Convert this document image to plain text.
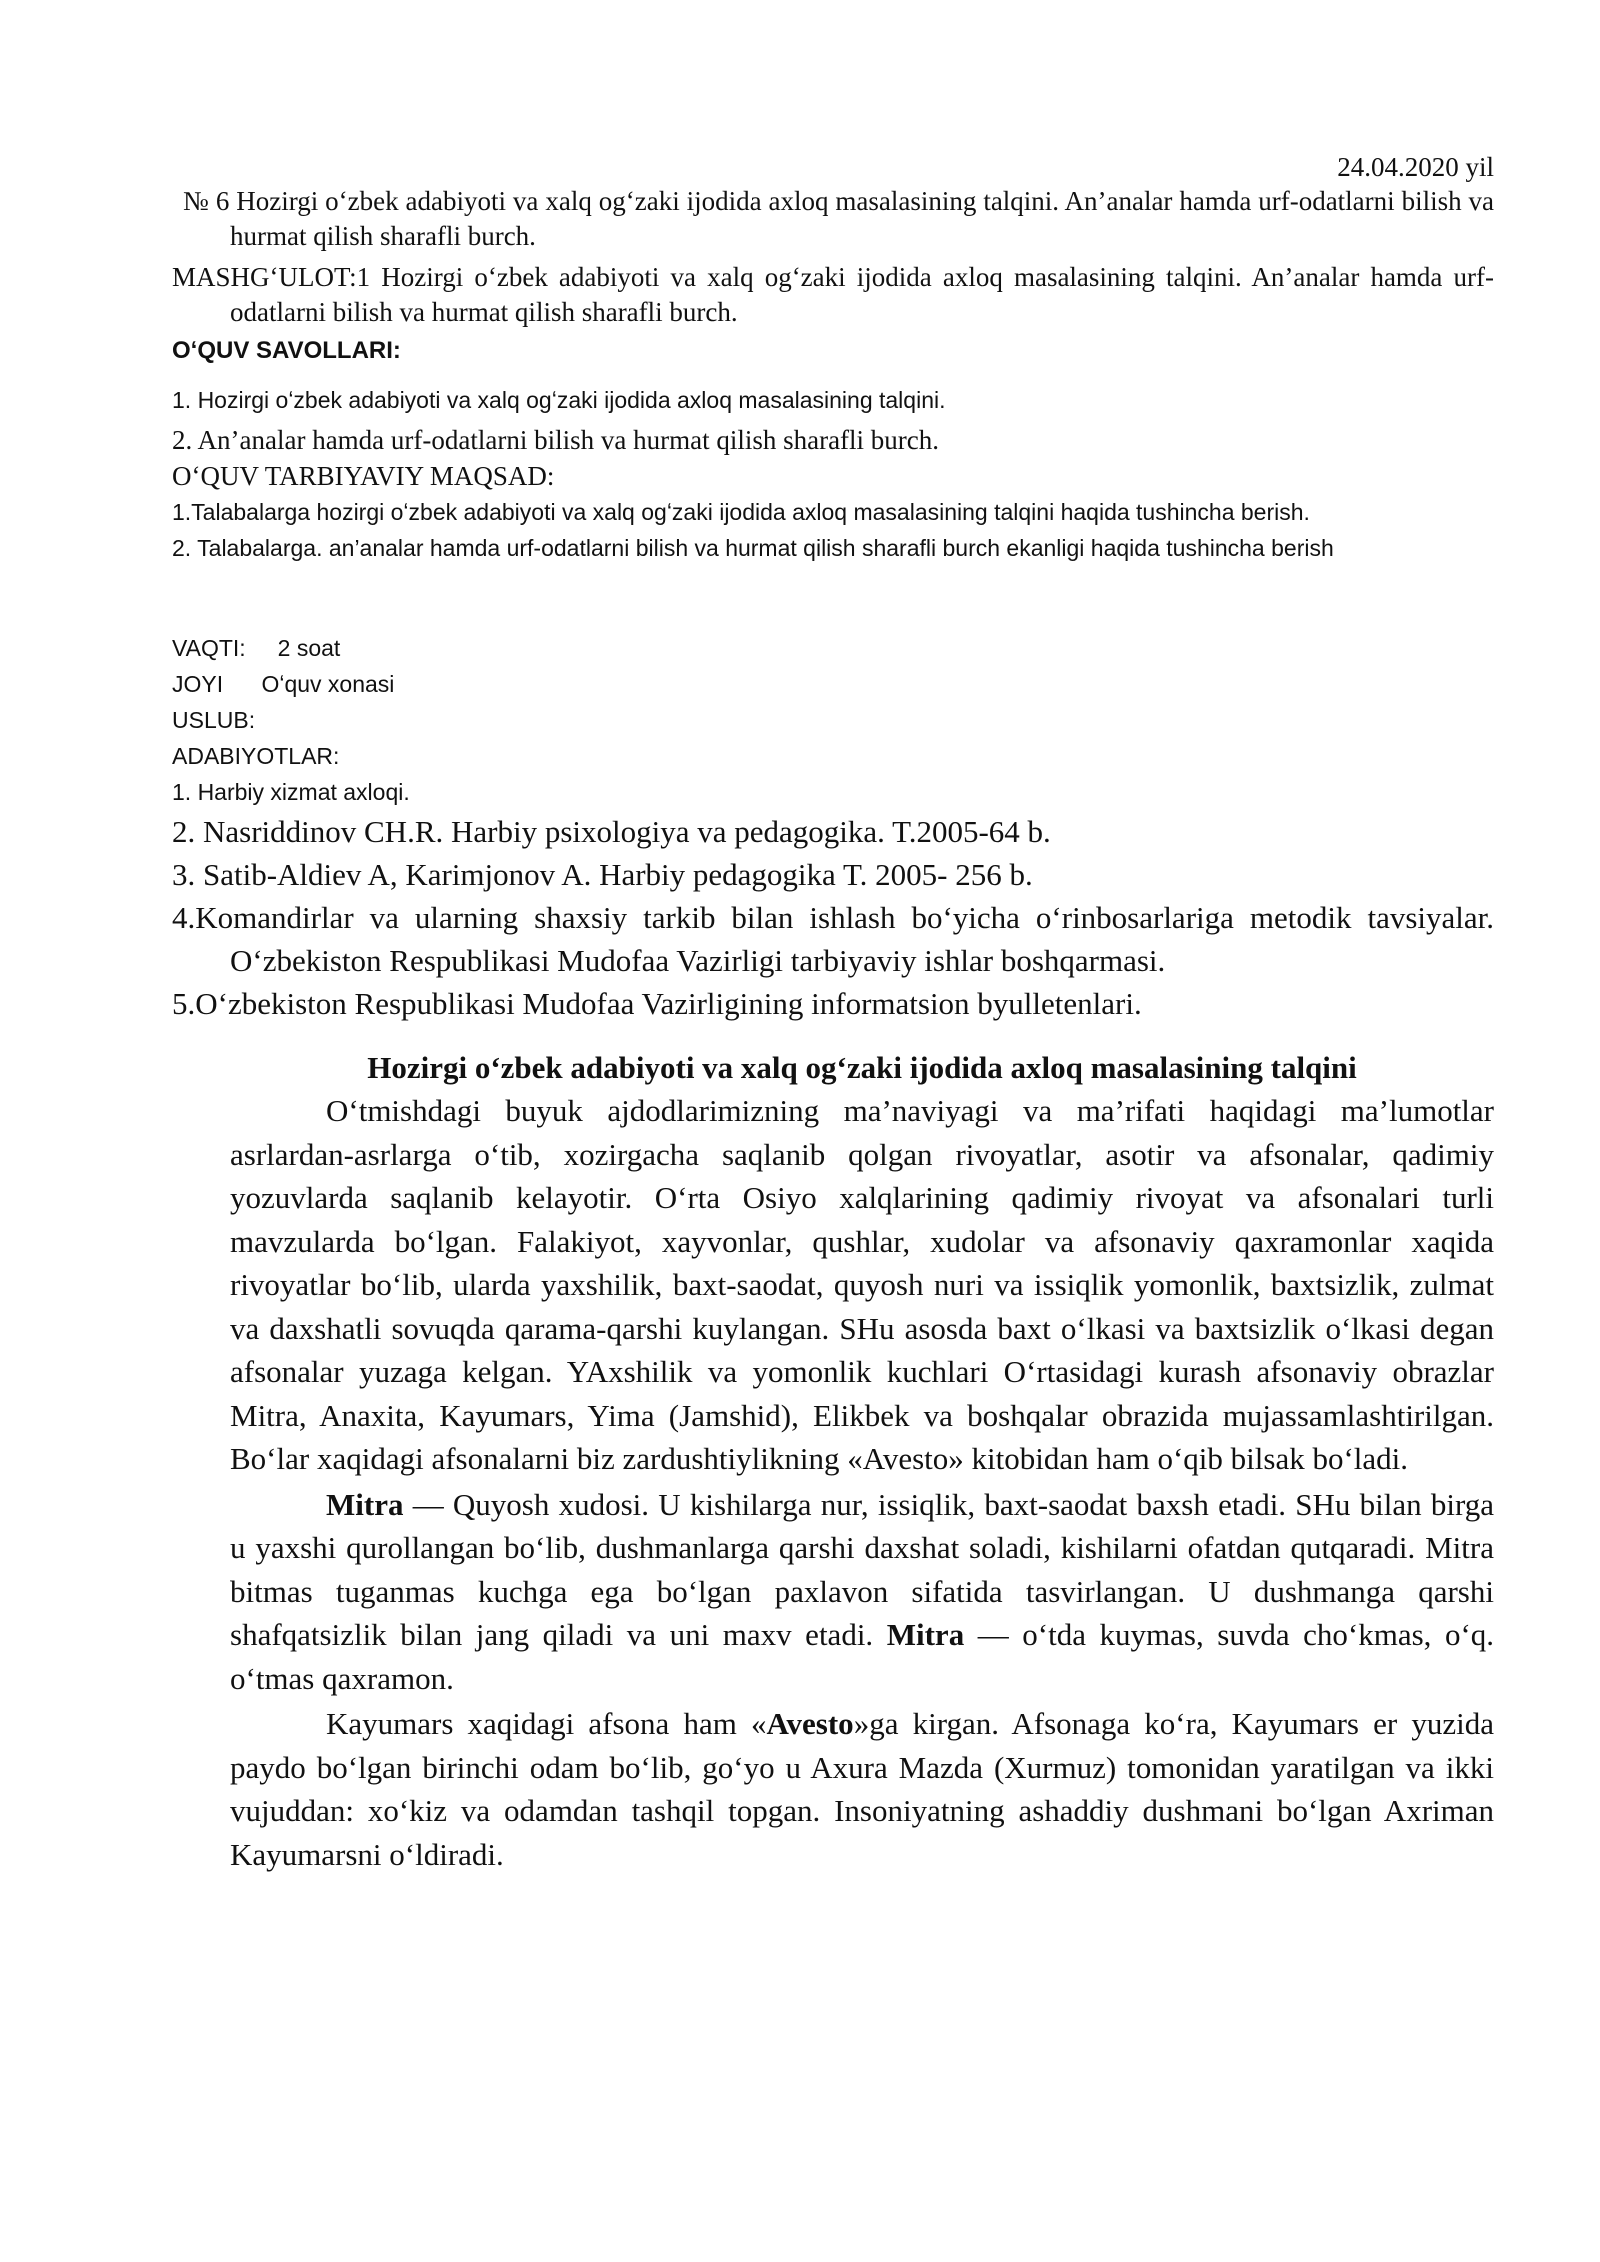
24.04.2020 yil

№ 6 Hozirgi oʻzbek adabiyoti va xalq ogʻzaki ijodida axloq masalasining talqini. An’analar hamda urf-odatlarni bilish va hurmat qilish sharafli burch.

MASHGʻULOT:1 Hozirgi oʻzbek adabiyoti va xalq ogʻzaki ijodida axloq masalasining talqini. An’analar hamda urf-odatlarni bilish va hurmat qilish sharafli burch.

OʻQUV SAVOLLARI:

1. Hozirgi oʻzbek adabiyoti va xalq ogʻzaki ijodida axloq masalasining talqini.

2. An’analar hamda urf-odatlarni bilish va hurmat qilish sharafli burch.

OʻQUV TARBIYAVIY MAQSAD:

1.Talabalarga hozirgi oʻzbek adabiyoti va xalq ogʻzaki ijodida axloq masalasining talqini haqida tushincha berish.

2. Talabalarga. an’analar hamda urf-odatlarni bilish va hurmat qilish sharafli burch ekanligi haqida tushincha berish

VAQTI:     2 soat

JOYI      Oʻquv xonasi

USLUB:

ADABIYOTLAR:

1. Harbiy xizmat axloqi.

2. Nasriddinov CH.R. Harbiy psixologiya va pedagogika. T.2005-64 b.

3. Satib-Aldiev A, Karimjonov A. Harbiy pedagogika T. 2005- 256 b.

4.Komandirlar va ularning shaxsiy tarkib bilan ishlash boʻyicha oʻrinbosarlariga metodik tavsiyalar. Oʻzbekiston Respublikasi Mudofaa Vazirligi tarbiyaviy ishlar boshqarmasi.

5.Oʻzbekiston Respublikasi Mudofaa Vazirligining informatsion byulletenlari.

Hozirgi oʻzbek adabiyoti va xalq ogʻzaki ijodida axloq masalasining talqini

Oʻtmishdagi buyuk ajdodlarimizning ma’naviyagi va ma’rifati haqidagi ma’lumotlar asrlardan-asrlarga oʻtib, xozirgacha saqlanib qolgan rivoyatlar, asotir va afsonalar, qadimiy yozuvlarda saqlanib kelayotir. Oʻrta Osiyo xalqlarining qadimiy rivoyat va afsonalari turli mavzularda boʻlgan. Falakiyot, xayvonlar, qushlar, xudolar va afsonaviy qaxramonlar xaqida rivoyatlar boʻlib, ularda yaxshilik, baxt-saodat, quyosh nuri va issiqlik yomonlik, baxtsizlik, zulmat va daxshatli sovuqda qarama-qarshi kuylangan. SHu asosda baxt oʻlkasi va baxtsizlik oʻlkasi degan afsonalar yuzaga kelgan. YAxshilik va yomonlik kuchlari Oʻrtasidagi kurash afsonaviy obrazlar Mitra, Anaxita, Kayumars, Yima (Jamshid), Elikbek va boshqalar obrazida mujassamlashtirilgan. Boʻlar xaqidagi afsonalarni biz zardushtiylikning «Avesto» kitobidan ham oʻqib bilsak boʻladi.

Mitra — Quyosh xudosi. U kishilarga nur, issiqlik, baxt-saodat baxsh etadi. SHu bilan birga u yaxshi qurollangan boʻlib, dushmanlarga qarshi daxshat soladi, kishilarni ofatdan qutqaradi. Mitra bitmas tuganmas kuchga ega boʻlgan paxlavon sifatida tasvirlangan. U dushmanga qarshi shafqatsizlik bilan jang qiladi va uni maxv etadi. Mitra — oʻtda kuymas, suvda choʻkmas, oʻq. oʻtmas qaxramon.

Kayumars xaqidagi afsona ham «Avesto»ga kirgan. Afsonaga koʻra, Kayumars er yuzida paydo boʻlgan birinchi odam boʻlib, goʻyo u Axura Mazda (Xurmuz) tomonidan yaratilgan va ikki vujuddan: xoʻkiz va odamdan tashqil topgan. Insoniyatning ashaddiy dushmani boʻlgan Axriman Kayumarsni oʻldiradi.
